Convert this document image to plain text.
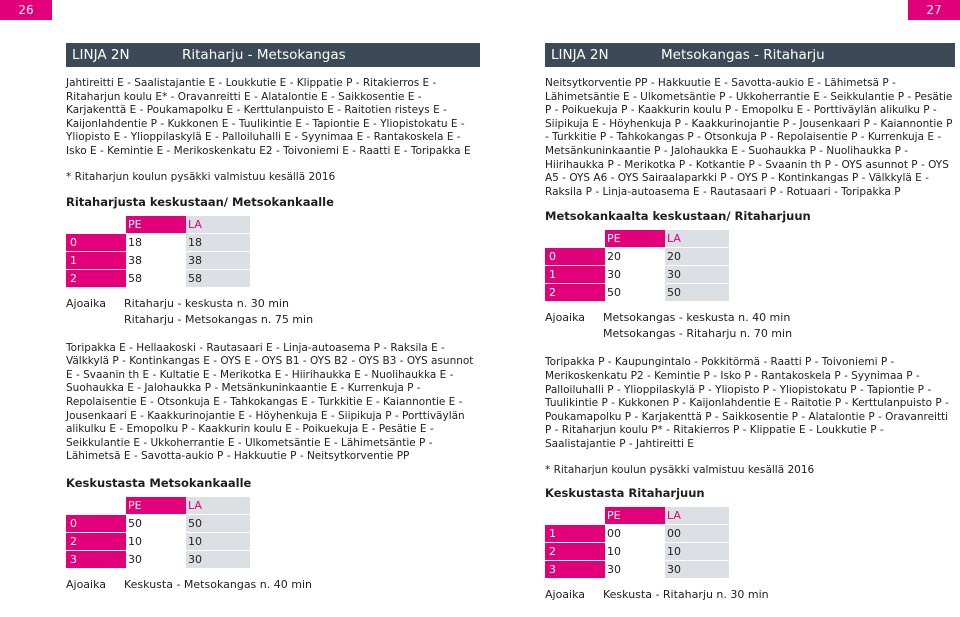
26	27
LINJA 2N	Ritaharju - Metsokangas

Jahtireitti E - Saalistajantie E - Loukkutie E - Klippatie P - Ritakierros E - Ritaharjun koulu E* - Oravanreitti E - Alatalontie E - Saikkosentie E - Karjakenttä E - Poukamapolku E - Kerttulanpuisto E - Raitotien risteys E - Kaijonlahdentie P - Kukkonen E - Tuulikintie E - Tapiontie E - Yliopistokatu E - Yliopisto E - Ylioppilaskylä E - Palloiluhalli E - Syynimaa E - Rantakoskela E - Isko E - Kemintie E - Merikoskenkatu E2 - Toivoniemi E - Raatti E - Toripakka E

* Ritaharjun koulun pysäkki valmistuu kesällä 2016

Ritaharjusta keskustaan/ Metsokankaalle
	PE	LA
0	18	18
1	38	38
2	58	58
Ajoaika	Ritaharju - keskusta n. 30 min
Ritaharju - Metsokangas n. 75 min

Toripakka E - Hellaakoski - Rautasaari E - Linja-autoasema P - Raksila E - Välkkylä P - Kontinkangas E - OYS E - OYS B1 - OYS B2 - OYS B3 - OYS asunnot E - Svaanin th E - Kultatie E - Merikotka E - Hiirihaukka E - Nuolihaukka E - Suohaukka E - Jalohaukka P - Metsänkuninkaantie E - Kurrenkuja P - Repolaisentie E - Otsonkuja E - Tahkokangas E - Turkkitie E - Kaiannontie E - Jousenkaari E - Kaakkurinojantie E - Höyhenkuja E - Siipikuja P - Porttiväylän alikulku E - Emopolku P - Kaakkurin koulu E - Poikuekuja E - Pesätie E - Seikkulantie E - Ukkoherrantie E - Ulkometsäntie E - Lähimetsäntie P - Lähimetsä E - Savotta-aukio P - Hakkuutie P - Neitsytkorventie PP

Keskustasta Metsokankaalle
	PE	LA
0	50	50
2	10	10
3	30	30
Ajoaika	Keskusta - Metsokangas n. 40 min
LINJA 2N	Metsokangas - Ritaharju

Neitsytkorventie PP - Hakkuutie E - Savotta-aukio E - Lähimetsä P - Lähimetsäntie E - Ulkometsäntie P - Ukkoherrantie E - Seikkulantie P - Pesätie P - Poikuekuja P - Kaakkurin koulu P - Emopolku E - Porttiväylän alikulku P - Siipikuja E - Höyhenkuja P - Kaakkurinojantie P - Jousenkaari P - Kaiannontie P - Turkkitie P - Tahkokangas P - Otsonkuja P - Repolaisentie P - Kurrenkuja E - Metsänkuninkaantie P - Jalohaukka E - Suohaukka P - Nuolihaukka P - Hiirihaukka P - Merikotka P - Kotkantie P - Svaanin th P - OYS asunnot P - OYS A5 - OYS A6 - OYS Sairaalaparkki P - OYS P - Kontinkangas P - Välkkylä E - Raksila P - Linja-autoasema E - Rautasaari P - Rotuaari - Toripakka P

Metsokankaalta keskustaan/ Ritaharjuun
	PE	LA
0	20	20
1	30	30
2	50	50
Ajoaika	Metsokangas - keskusta n. 40 min
Metsokangas - Ritaharju n. 70 min

Toripakka P - Kaupungintalo - Pokkitörmä - Raatti P - Toivoniemi P - Merikoskenkatu P2 - Kemintie P - Isko P - Rantakoskela P - Syynimaa P - Palloiluhalli P - Ylioppilaskylä P - Yliopisto P - Yliopistokatu P - Tapiontie P - Tuulikintie P - Kukkonen P - Kaijonlahdentie E - Raitotie P - Kerttulanpuisto P - Poukamapolku P - Karjakenttä P - Saikkosentie P - Alatalontie P - Oravanreitti P - Ritaharjun koulu P* - Ritakierros P - Klippatie E - Loukkutie P - Saalistajantie P - Jahtireitti E

* Ritaharjun koulun pysäkki valmistuu kesällä 2016

Keskustasta Ritaharjuun
	PE	LA
1	00	00
2	10	10
3	30	30
Ajoaika	Keskusta - Ritaharju n. 30 min
